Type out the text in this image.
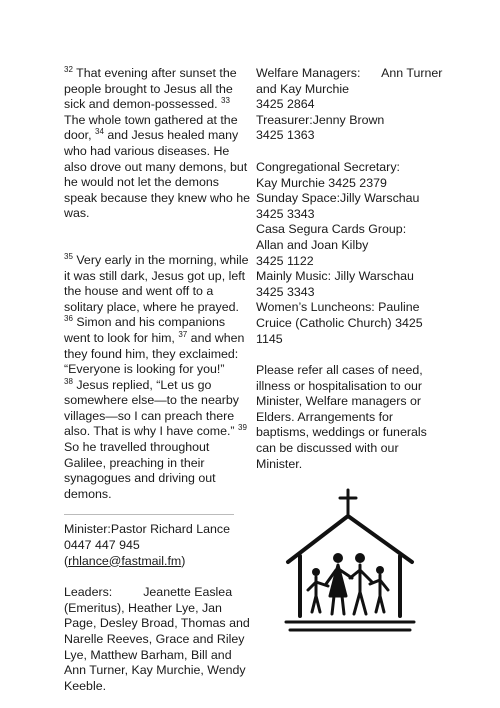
$^{32}$ That evening after sunset the people brought to Jesus all the sick and demon-possessed. $^{33}$ The whole town gathered at the door, $^{34}$ and Jesus healed many who had various diseases. He also drove out many demons, but he would not let the demons speak because they knew who he was.

$^{35}$ Very early in the morning, while it was still dark, Jesus got up, left the house and went off to a solitary place, where he prayed. $^{36}$ Simon and his companions went to look for him, $^{37}$ and when they found him, they exclaimed: “Everyone is looking for you!”

$^{38}$ Jesus replied, “Let us go somewhere else—to the nearby villages—so I can preach there also. That is why I have come.” $^{39}$ So he travelled throughout Galilee, preaching in their synagogues and driving out demons.

Minister:Pastor Richard Lance

0447 447 945

(rhlance@fastmail.fm)

Leaders: Jeanette Easlea (Emeritus), Heather Lye, Jan Page, Desley Broad, Thomas and Narelle Reeves, Grace and Riley Lye, Matthew Barham, Bill and Ann Turner, Kay Murchie, Wendy Keeble.

Welfare Managers: Ann Turner and Kay Murchie

3425 2864

Treasurer:Jenny Brown

3425 1363

Congregational Secretary:

Kay Murchie 3425 2379

Sunday Space:Jilly Warschau

3425 3343

Casa Segura Cards Group:

Allan and Joan Kilby

3425 1122

Mainly Music: Jilly Warschau

3425 3343

Women’s Luncheons: Pauline Cruice (Catholic Church) 3425 1145

Please refer all cases of need, illness or hospitalisation to our Minister, Welfare managers or Elders. Arrangements for baptisms, weddings or funerals can be discussed with our Minister.
